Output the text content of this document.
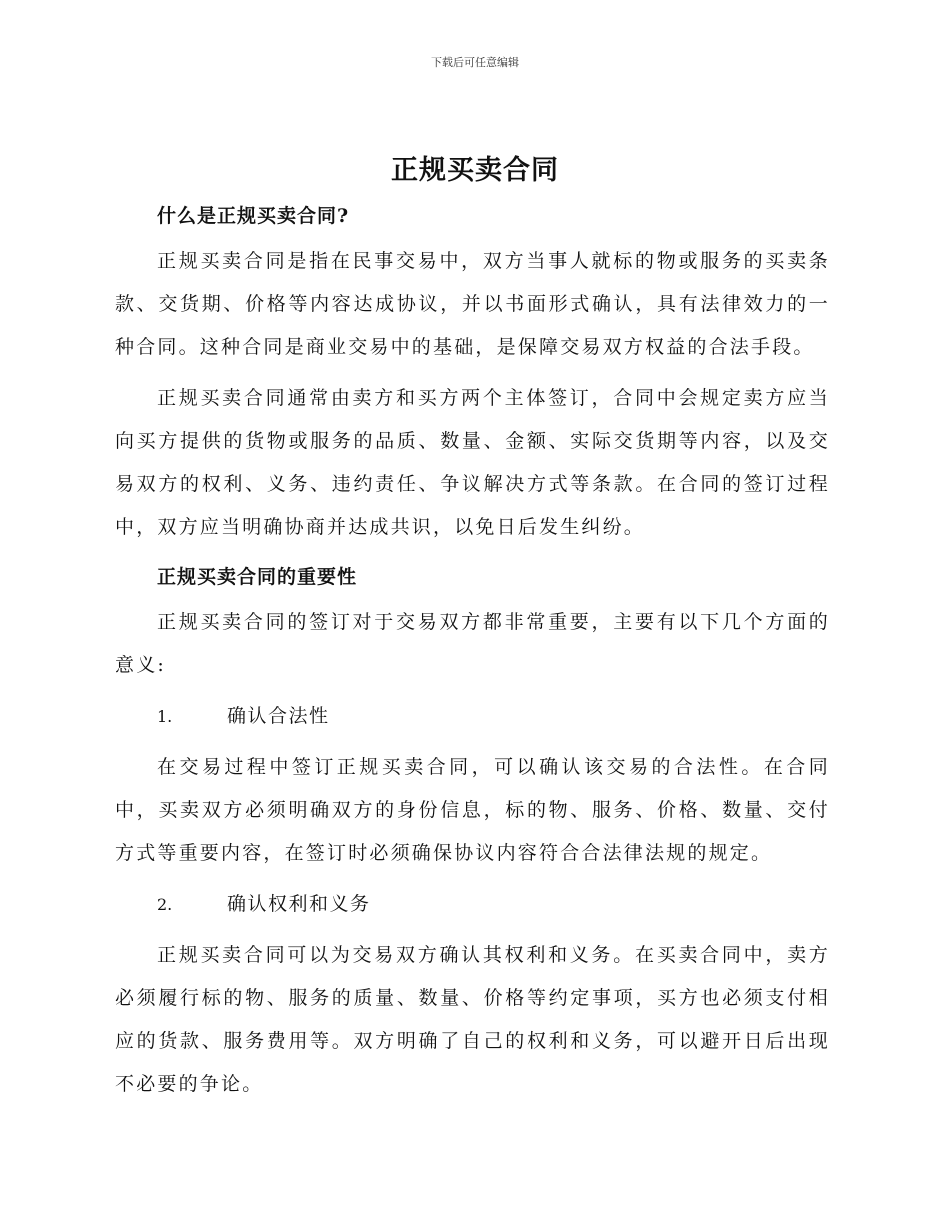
下载后可任意编辑
正规买卖合同

什么是正规买卖合同?

正规买卖合同是指在民事交易中，双方当事人就标的物或服务的买卖条款、交货期、价格等内容达成协议，并以书面形式确认，具有法律效力的一种合同。这种合同是商业交易中的基础，是保障交易双方权益的合法手段。

正规买卖合同通常由卖方和买方两个主体签订，合同中会规定卖方应当向买方提供的货物或服务的品质、数量、金额、实际交货期等内容，以及交易双方的权利、义务、违约责任、争议解决方式等条款。在合同的签订过程中，双方应当明确协商并达成共识，以免日后发生纠纷。

正规买卖合同的重要性

正规买卖合同的签订对于交易双方都非常重要，主要有以下几个方面的意义:

1.	确认合法性

在交易过程中签订正规买卖合同，可以确认该交易的合法性。在合同中，买卖双方必须明确双方的身份信息，标的物、服务、价格、数量、交付方式等重要内容，在签订时必须确保协议内容符合合法律法规的规定。

2.	确认权利和义务

正规买卖合同可以为交易双方确认其权利和义务。在买卖合同中，卖方必须履行标的物、服务的质量、数量、价格等约定事项，买方也必须支付相应的货款、服务费用等。双方明确了自己的权利和义务，可以避开日后出现不必要的争论。
